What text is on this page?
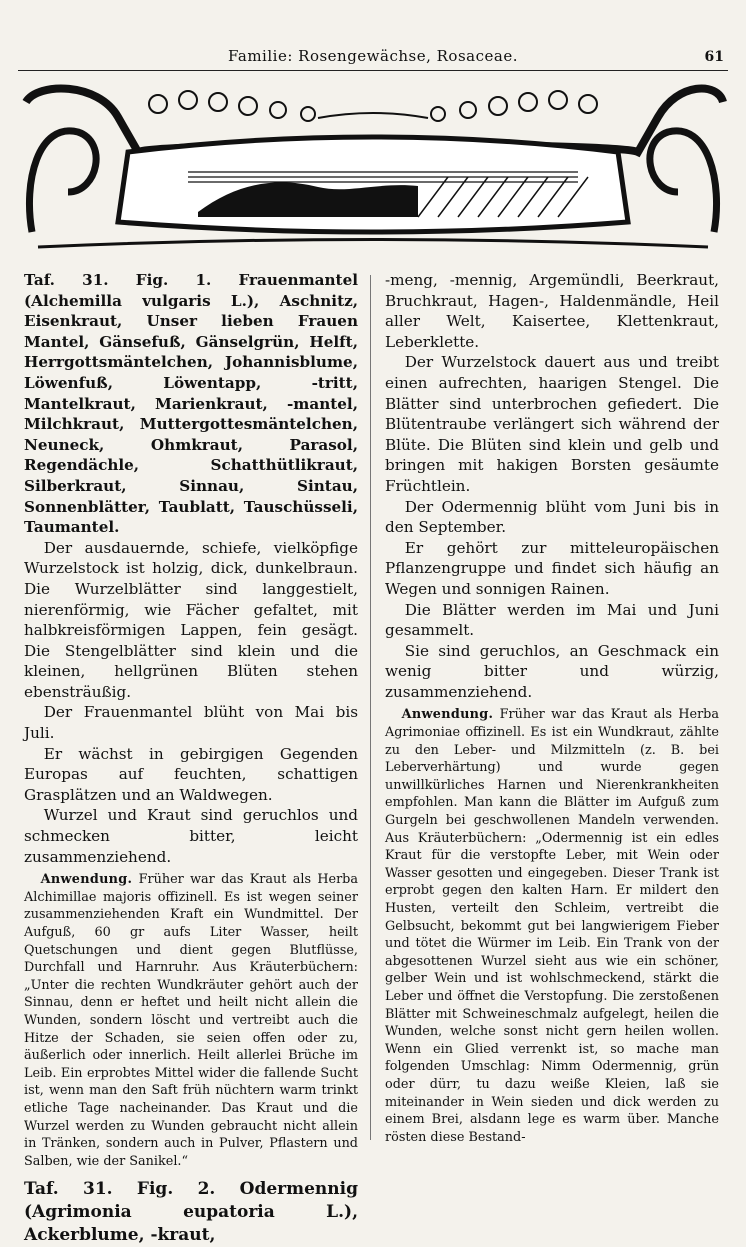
Familie: Rosengewächse, Rosaceae.	61

Taf. 31. Fig. 1. Frauenmantel (Alchemilla vulgaris L.), Aschnitz, Eisenkraut, Unser lieben Frauen Mantel, Gänsefuß, Gänselgrün, Helft, Herrgottsmäntelchen, Johannisblume, Löwenfuß, Löwentapp, -tritt, Mantelkraut, Marienkraut, -mantel, Milchkraut, Muttergottesmäntelchen, Neuneck, Ohmkraut, Parasol, Regendächle, Schatthütlikraut, Silberkraut, Sinnau, Sintau, Sonnenblätter, Taublatt, Tauschüsseli, Taumantel.

Der ausdauernde, schiefe, vielköpfige Wurzelstock ist holzig, dick, dunkelbraun. Die Wurzelblätter sind langgestielt, nierenförmig, wie Fächer gefaltet, mit halbkreisförmigen Lappen, fein gesägt. Die Stengelblätter sind klein und die kleinen, hellgrünen Blüten stehen ebensträußig.

Der Frauenmantel blüht von Mai bis Juli.

Er wächst in gebirgigen Gegenden Europas auf feuchten, schattigen Grasplätzen und an Waldwegen.

Wurzel und Kraut sind geruchlos und schmecken bitter, leicht zusammenziehend.

Anwendung. Früher war das Kraut als Herba Alchimillae majoris offizinell. Es ist wegen seiner zusammenziehenden Kraft ein Wundmittel. Der Aufguß, 60 gr aufs Liter Wasser, heilt Quetschungen und dient gegen Blutflüsse, Durchfall und Harnruhr. Aus Kräuterbüchern: „Unter die rechten Wundkräuter gehört auch der Sinnau, denn er heftet und heilt nicht allein die Wunden, sondern löscht und vertreibt auch die Hitze der Schaden, sie seien offen oder zu, äußerlich oder innerlich. Heilt allerlei Brüche im Leib. Ein erprobtes Mittel wider die fallende Sucht ist, wenn man den Saft früh nüchtern warm trinkt etliche Tage nacheinander. Das Kraut und die Wurzel werden zu Wunden gebraucht nicht allein in Tränken, sondern auch in Pulver, Pflastern und Salben, wie der Sanikel.“

Taf. 31. Fig. 2. Odermennig (Agrimonia eupatoria L.), Ackerblume, -kraut,

-meng, -mennig, Argemündli, Beerkraut, Bruchkraut, Hagen-, Haldenmändle, Heil aller Welt, Kaisertee, Klettenkraut, Leberklette.

Der Wurzelstock dauert aus und treibt einen aufrechten, haarigen Stengel. Die Blätter sind unterbrochen gefiedert. Die Blütentraube verlängert sich während der Blüte. Die Blüten sind klein und gelb und bringen mit hakigen Borsten gesäumte Früchtlein.

Der Odermennig blüht vom Juni bis in den September.

Er gehört zur mitteleuropäischen Pflanzengruppe und findet sich häufig an Wegen und sonnigen Rainen.

Die Blätter werden im Mai und Juni gesammelt.

Sie sind geruchlos, an Geschmack ein wenig bitter und würzig, zusammenziehend.

Anwendung. Früher war das Kraut als Herba Agrimoniae offizinell. Es ist ein Wundkraut, zählte zu den Leber- und Milzmitteln (z. B. bei Leberverhärtung) und wurde gegen unwillkürliches Harnen und Nierenkrankheiten empfohlen. Man kann die Blätter im Aufguß zum Gurgeln bei geschwollenen Mandeln verwenden. Aus Kräuterbüchern: „Odermennig ist ein edles Kraut für die verstopfte Leber, mit Wein oder Wasser gesotten und eingegeben. Dieser Trank ist erprobt gegen den kalten Harn. Er mildert den Husten, verteilt den Schleim, vertreibt die Gelbsucht, bekommt gut bei langwierigem Fieber und tötet die Würmer im Leib. Ein Trank von der abgesottenen Wurzel sieht aus wie ein schöner, gelber Wein und ist wohlschmeckend, stärkt die Leber und öffnet die Verstopfung. Die zerstoßenen Blätter mit Schweineschmalz aufgelegt, heilen die Wunden, welche sonst nicht gern heilen wollen. Wenn ein Glied verrenkt ist, so mache man folgenden Umschlag: Nimm Odermennig, grün oder dürr, tu dazu weiße Kleien, laß sie miteinander in Wein sieden und dick werden zu einem Brei, alsdann lege es warm über. Manche rösten diese Bestand-
